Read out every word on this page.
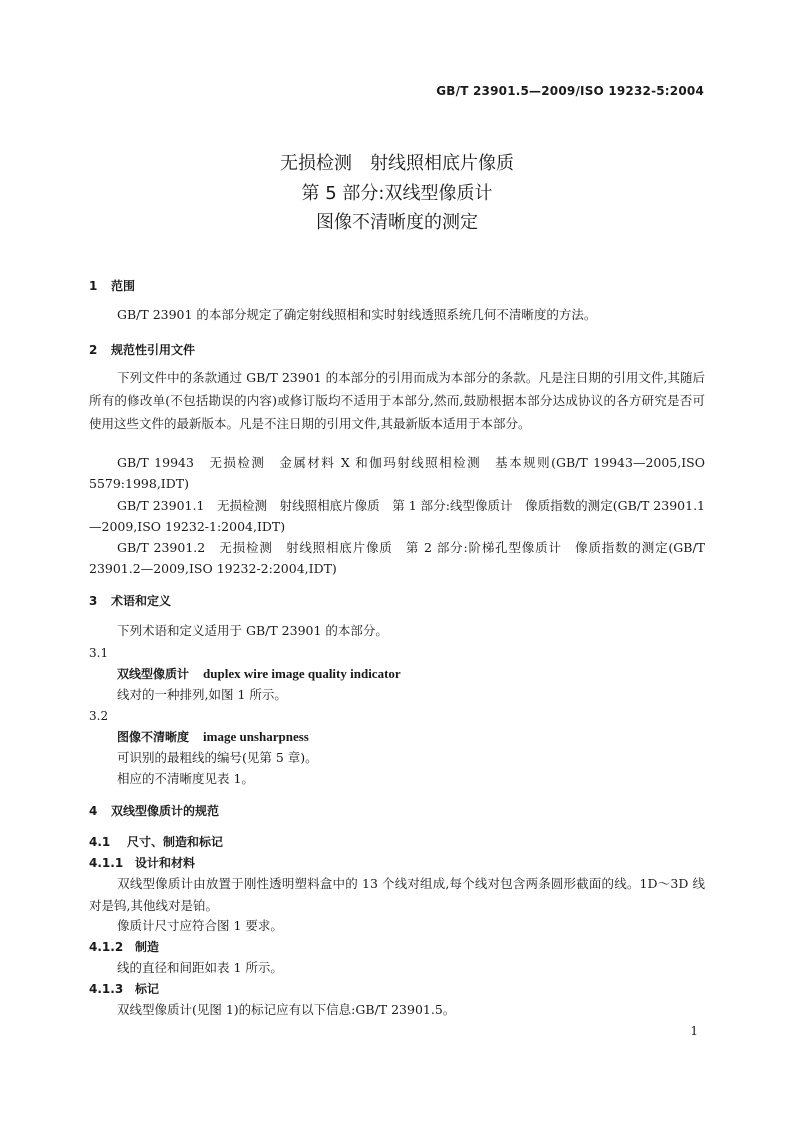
GB/T 23901.5—2009/ISO 19232-5:2004
无损检测　射线照相底片像质
第 5 部分:双线型像质计
图像不清晰度的测定
1 范围
GB/T 23901 的本部分规定了确定射线照相和实时射线透照系统几何不清晰度的方法。
2 规范性引用文件
下列文件中的条款通过 GB/T 23901 的本部分的引用而成为本部分的条款。凡是注日期的引用文件,其随后所有的修改单(不包括勘误的内容)或修订版均不适用于本部分,然而,鼓励根据本部分达成协议的各方研究是否可使用这些文件的最新版本。凡是不注日期的引用文件,其最新版本适用于本部分。
GB/T 19943　无损检测　金属材料 X 和伽玛射线照相检测　基本规则(GB/T 19943—2005,ISO 5579:1998,IDT)
GB/T 23901.1　无损检测　射线照相底片像质　第 1 部分:线型像质计　像质指数的测定(GB/T 23901.1—2009,ISO 19232-1:2004,IDT)
GB/T 23901.2　无损检测　射线照相底片像质　第 2 部分:阶梯孔型像质计　像质指数的测定(GB/T 23901.2—2009,ISO 19232-2:2004,IDT)
3 术语和定义
下列术语和定义适用于 GB/T 23901 的本部分。
3.1
双线型像质计 duplex wire image quality indicator
线对的一种排列,如图 1 所示。
3.2
图像不清晰度 image unsharpness
可识别的最粗线的编号(见第 5 章)。
相应的不清晰度见表 1。
4 双线型像质计的规范
4.1 尺寸、制造和标记
4.1.1 设计和材料
双线型像质计由放置于刚性透明塑料盒中的 13 个线对组成,每个线对包含两条圆形截面的线。1D～3D 线对是钨,其他线对是铂。
像质计尺寸应符合图 1 要求。
4.1.2 制造
线的直径和间距如表 1 所示。
4.1.3 标记
双线型像质计(见图 1)的标记应有以下信息:GB/T 23901.5。
1
